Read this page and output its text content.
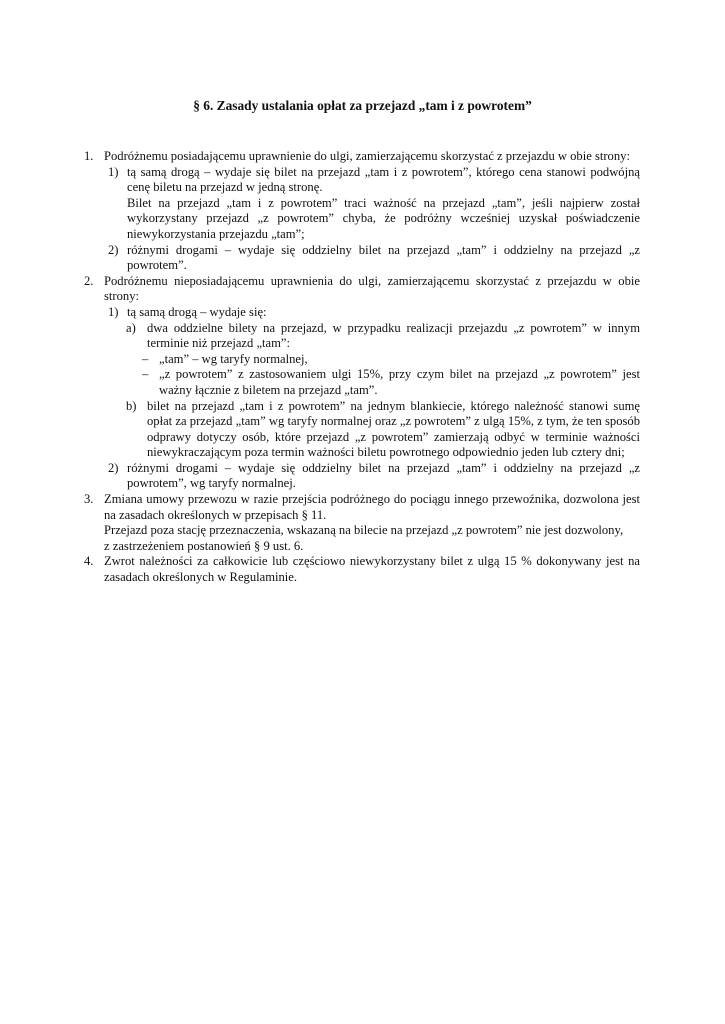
§ 6. Zasady ustalania opłat za przejazd „tam i z powrotem”
1. Podróżnemu posiadającemu uprawnienie do ulgi, zamierzającemu skorzystać z przejazdu w obie strony:

1) tą samą drogą – wydaje się bilet na przejazd „tam i z powrotem”, którego cena stanowi podwójną cenę biletu na przejazd w jedną stronę.

Bilet na przejazd „tam i z powrotem” traci ważność na przejazd „tam”, jeśli najpierw został wykorzystany przejazd „z powrotem” chyba, że podróżny wcześniej uzyskał poświadczenie niewykorzystania przejazdu „tam”;

2) różnymi drogami – wydaje się oddzielny bilet na przejazd „tam” i oddzielny na przejazd „z powrotem”.

2. Podróżnemu nieposiadającemu uprawnienia do ulgi, zamierzającemu skorzystać z przejazdu w obie strony:

1) tą samą drogą – wydaje się:

a) dwa oddzielne bilety na przejazd, w przypadku realizacji przejazdu „z powrotem” w innym terminie niż przejazd „tam”:

– „tam” – wg taryfy normalnej,

– „z powrotem” z zastosowaniem ulgi 15%, przy czym bilet na przejazd „z powrotem” jest ważny łącznie z biletem na przejazd „tam”.

b) bilet na przejazd „tam i z powrotem” na jednym blankiecie, którego należność stanowi sumę opłat za przejazd „tam” wg taryfy normalnej oraz „z powrotem” z ulgą 15%, z tym, że ten sposób odprawy dotyczy osób, które przejazd „z powrotem” zamierzają odbyć w terminie ważności niewykraczającym poza termin ważności biletu powrotnego odpowiednio jeden lub cztery dni;

2) różnymi drogami – wydaje się oddzielny bilet na przejazd „tam” i oddzielny na przejazd „z powrotem”, wg taryfy normalnej.

3. Zmiana umowy przewozu w razie przejścia podróżnego do pociągu innego przewoźnika, dozwolona jest na zasadach określonych w przepisach § 11.

Przejazd poza stację przeznaczenia, wskazaną na bilecie na przejazd „z powrotem” nie jest dozwolony,

z zastrzeżeniem postanowień § 9 ust. 6.

4. Zwrot należności za całkowicie lub częściowo niewykorzystany bilet z ulgą 15 % dokonywany jest na zasadach określonych w Regulaminie.
